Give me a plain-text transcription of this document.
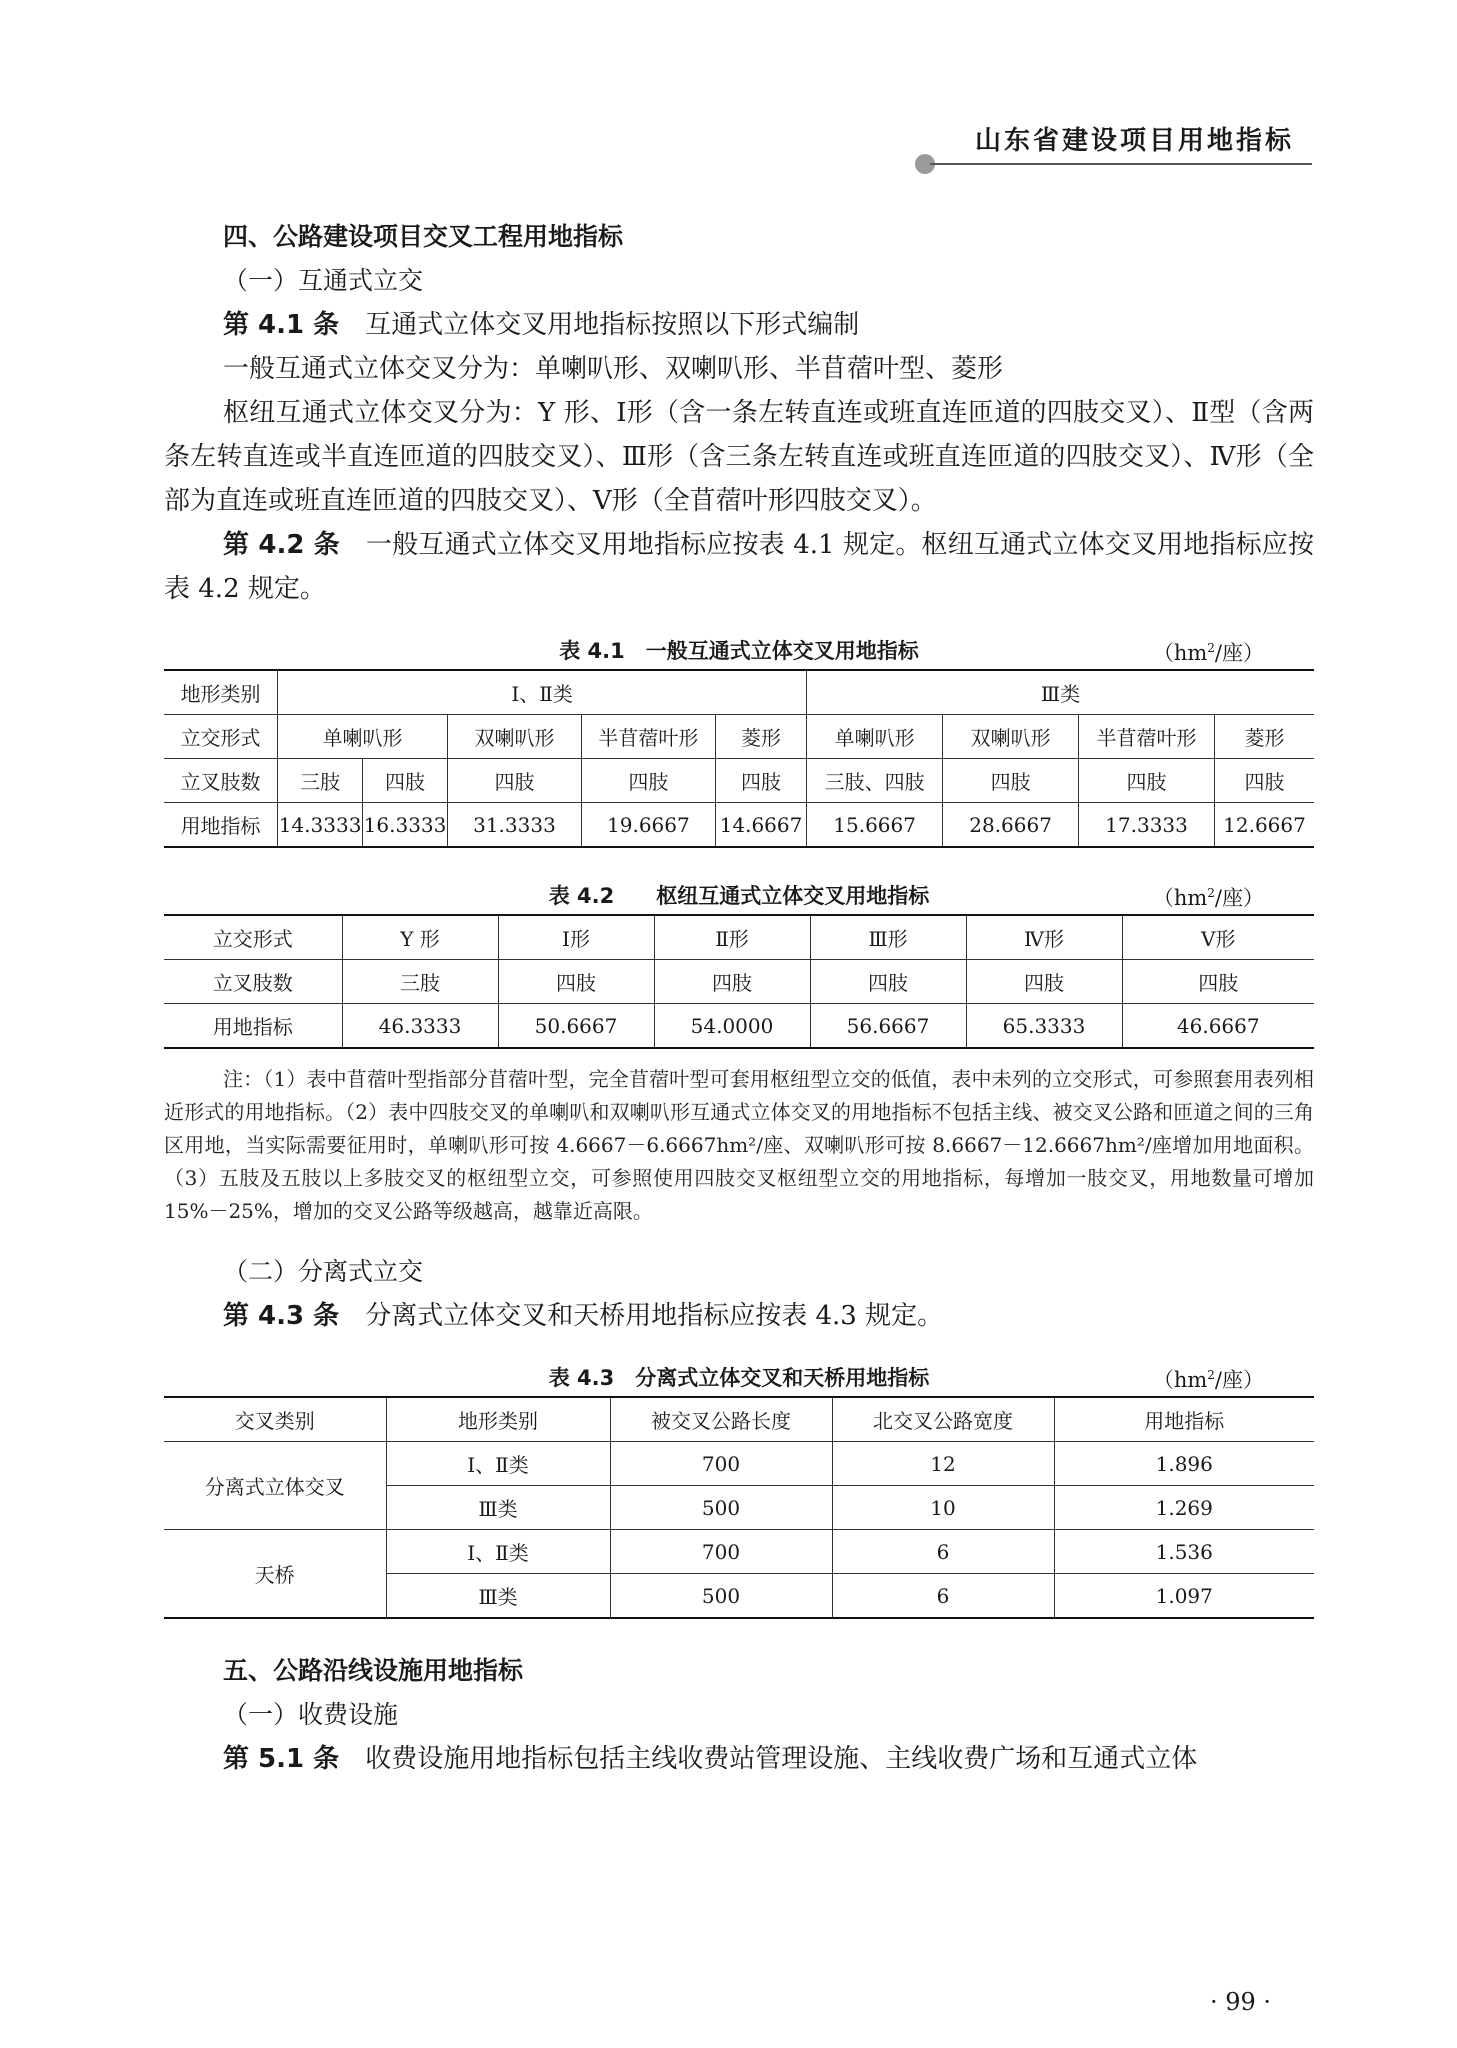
山东省建设项目用地指标
四、公路建设项目交叉工程用地指标
（一）互通式立交

第 4.1 条　 互通式立体交叉用地指标按照以下形式编制

一般互通式立体交叉分为：单喇叭形、双喇叭形、半苜蓿叶型、菱形

枢纽互通式立体交叉分为：Y 形、Ⅰ形（含一条左转直连或班直连匝道的四肢交叉）、Ⅱ型（含两条左转直连或半直连匝道的四肢交叉）、Ⅲ形（含三条左转直连或班直连匝道的四肢交叉）、Ⅳ形（全部为直连或班直连匝道的四肢交叉）、Ⅴ形（全苜蓿叶形四肢交叉）。

第 4.2 条　 一般互通式立体交叉用地指标应按表 4.1 规定。枢纽互通式立体交叉用地指标应按表 4.2 规定。

表 4.1　一般互通式立体交叉用地指标	（$hm^2/$座）
地形类别	Ⅰ、Ⅱ类					Ⅲ类			
立交形式	单喇叭形		双喇叭形	半苜蓿叶形	菱形	单喇叭形	双喇叭形	半苜蓿叶形	菱形
立叉肢数	三肢	四肢	四肢	四肢	四肢	三肢、四肢	四肢	四肢	四肢
用地指标	14.3333	16.3333	31.3333	19.6667	14.6667	15.6667	28.6667	17.3333	12.6667
表 4.2　　枢纽互通式立体交叉用地指标	（$hm^2/$座）
立交形式	Y 形	Ⅰ形	Ⅱ形	Ⅲ形	Ⅳ形	Ⅴ形
立叉肢数	三肢	四肢	四肢	四肢	四肢	四肢
用地指标	46.3333	50.6667	54.0000	56.6667	65.3333	46.6667

注：（1）表中苜蓿叶型指部分苜蓿叶型，完全苜蓿叶型可套用枢纽型立交的低值，表中未列的立交形式，可参照套用表列相近形式的用地指标。（2）表中四肢交叉的单喇叭和双喇叭形互通式立体交叉的用地指标不包括主线、被交叉公路和匝道之间的三角区用地，当实际需要征用时，单喇叭形可按 4.6667－6.6667hm²/座、双喇叭形可按 8.6667－12.6667hm²/座增加用地面积。（3）五肢及五肢以上多肢交叉的枢纽型立交，可参照使用四肢交叉枢纽型立交的用地指标，每增加一肢交叉，用地数量可增加 15%－25%，增加的交叉公路等级越高，越靠近高限。

（二）分离式立交

第 4.3 条　 分离式立体交叉和天桥用地指标应按表 4.3 规定。

表 4.3　分离式立体交叉和天桥用地指标	（$hm^2/$座）
交叉类别	地形类别	被交叉公路长度	北交叉公路宽度	用地指标
分离式立体交叉	Ⅰ、Ⅱ类	700	12	1.896
	Ⅲ类	500	10	1.269
天桥	Ⅰ、Ⅱ类	700	6	1.536
	Ⅲ类	500	6	1.097
五、公路沿线设施用地指标
（一）收费设施

第 5.1 条　 收费设施用地指标包括主线收费站管理设施、主线收费广场和互通式立体

· 99 ·
